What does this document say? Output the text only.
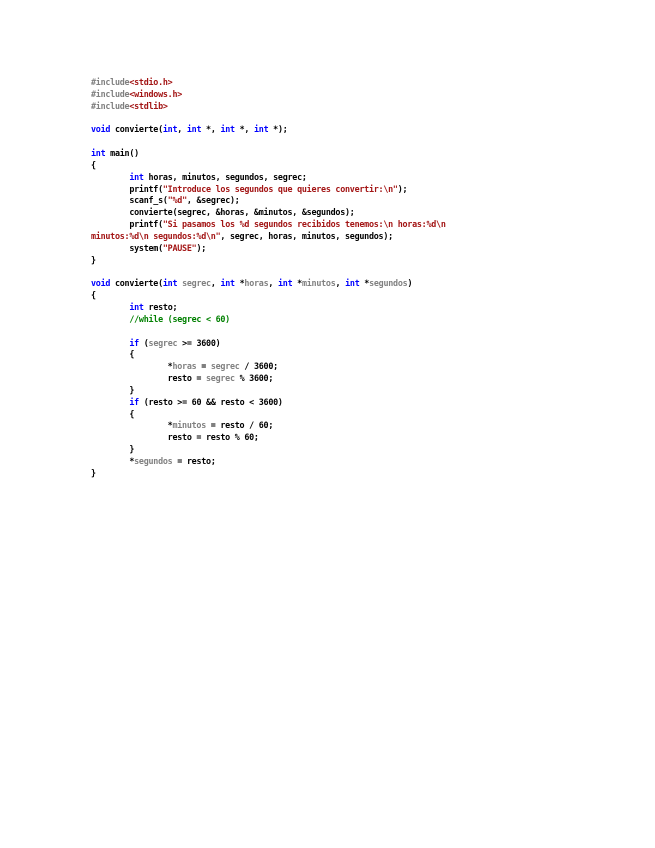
#include<stdio.h>
#include<windows.h>
#include<stdlib>
void convierte(int, int *, int *, int *);
int main()
{
int horas, minutos, segundos, segrec;
printf("Introduce los segundos que quieres convertir:\n");
scanf_s("%d", &segrec);
convierte(segrec, &horas, &minutos, &segundos);
printf("Si pasamos los %d segundos recibidos tenemos:\n horas:%d\n
minutos:%d\n segundos:%d\n", segrec, horas, minutos, segundos);
system("PAUSE");
}
void convierte(int segrec, int *horas, int *minutos, int *segundos)
{
int resto;
//while (segrec < 60)
if (segrec >= 3600)
{
*horas = segrec / 3600;
resto = segrec % 3600;
}
if (resto >= 60 && resto < 3600)
{
*minutos = resto / 60;
resto = resto % 60;
}
*segundos = resto;
}
